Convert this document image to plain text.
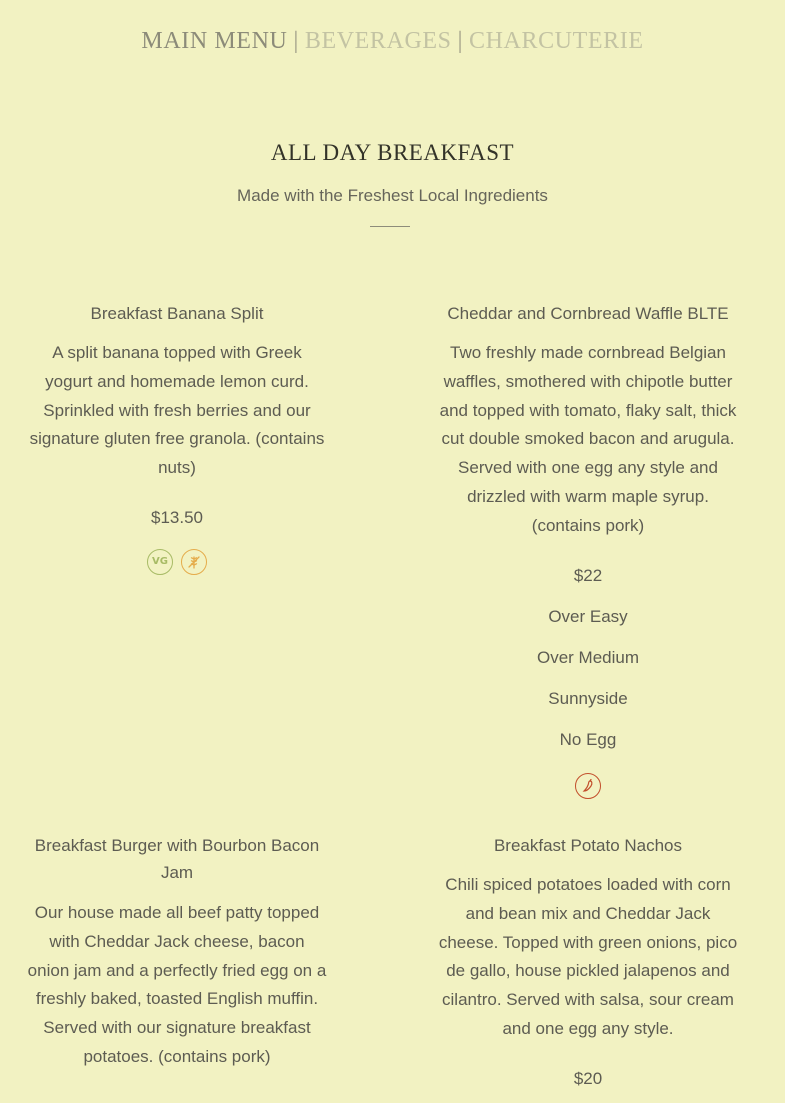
MAIN MENU | BEVERAGES | CHARCUTERIE
ALL DAY BREAKFAST
Made with the Freshest Local Ingredients
Breakfast Banana Split
A split banana topped with Greek yogurt and homemade lemon curd. Sprinkled with fresh berries and our signature gluten free granola. (contains nuts)
$13.50
VG
Cheddar and Cornbread Waffle BLTE
Two freshly made cornbread Belgian waffles, smothered with chipotle butter and topped with tomato, flaky salt, thick cut double smoked bacon and arugula. Served with one egg any style and drizzled with warm maple syrup. (contains pork)
$22
Over Easy
Over Medium
Sunnyside
No Egg
Breakfast Burger with Bourbon Bacon Jam
Our house made all beef patty topped with Cheddar Jack cheese, bacon onion jam and a perfectly fried egg on a freshly baked, toasted English muffin. Served with our signature breakfast potatoes. (contains pork)
Breakfast Potato Nachos
Chili spiced potatoes loaded with corn and bean mix and Cheddar Jack cheese. Topped with green onions, pico de gallo, house pickled jalapenos and cilantro. Served with salsa, sour cream and one egg any style.
$20
